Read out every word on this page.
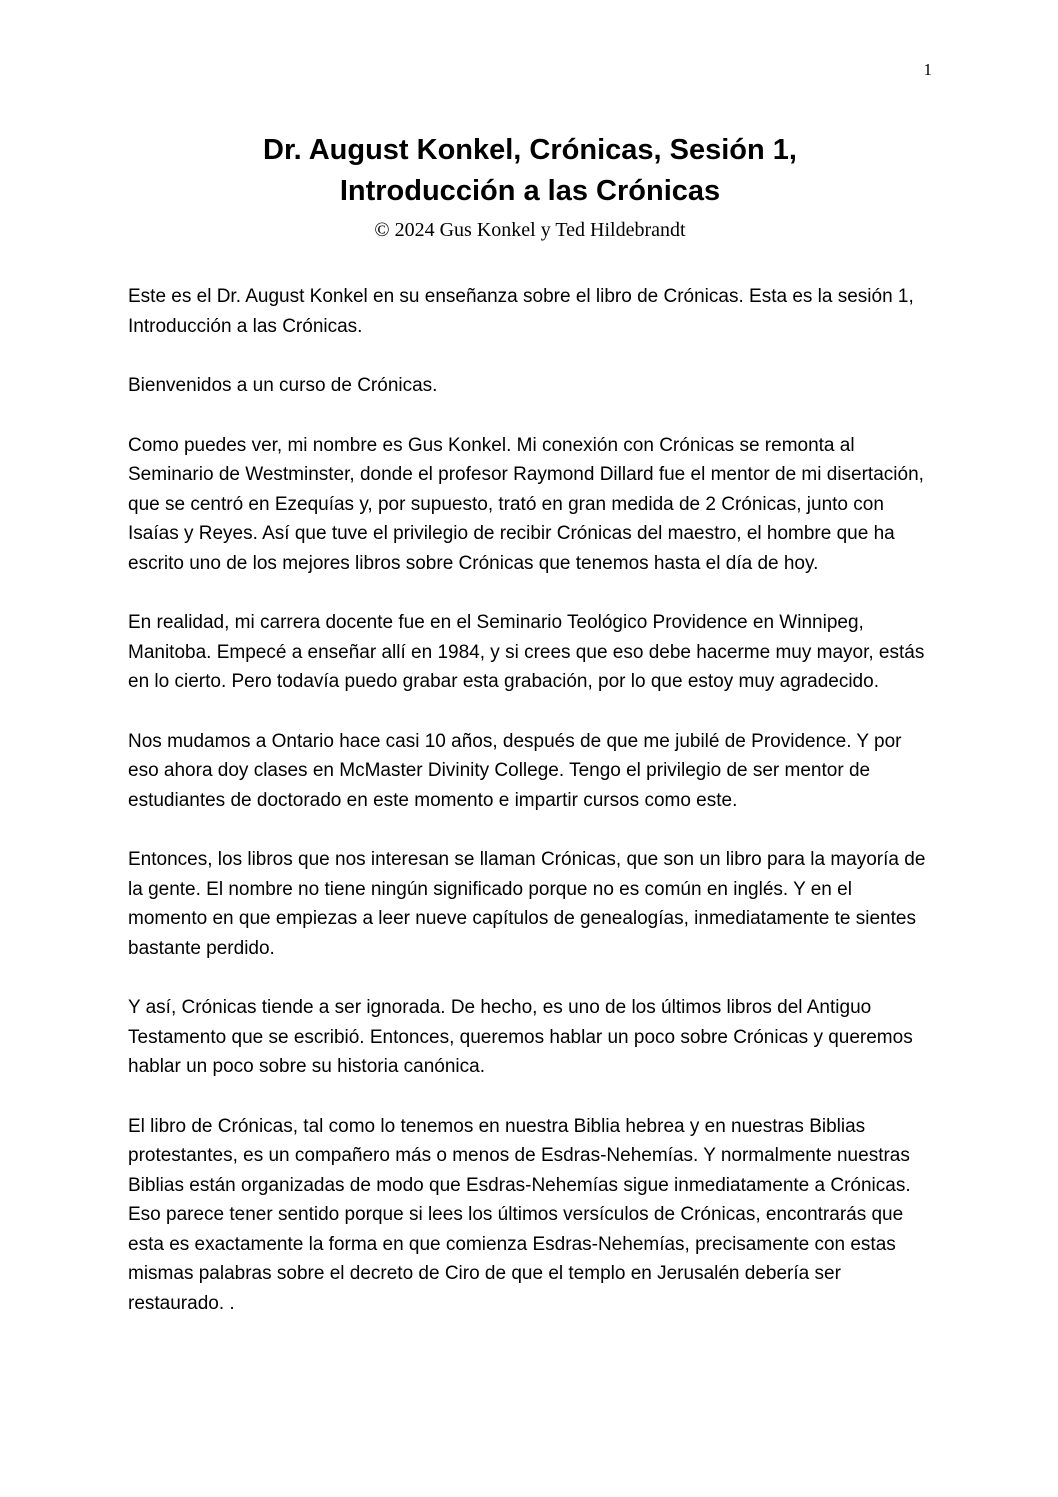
1
Dr. August Konkel, Crónicas, Sesión 1,
Introducción a las Crónicas
© 2024 Gus Konkel y Ted Hildebrandt

Este es el Dr. August Konkel en su enseñanza sobre el libro de Crónicas. Esta es la sesión 1, Introducción a las Crónicas.

Bienvenidos a un curso de Crónicas.

Como puedes ver, mi nombre es Gus Konkel. Mi conexión con Crónicas se remonta al Seminario de Westminster, donde el profesor Raymond Dillard fue el mentor de mi disertación, que se centró en Ezequías y, por supuesto, trató en gran medida de 2 Crónicas, junto con Isaías y Reyes. Así que tuve el privilegio de recibir Crónicas del maestro, el hombre que ha escrito uno de los mejores libros sobre Crónicas que tenemos hasta el día de hoy.

En realidad, mi carrera docente fue en el Seminario Teológico Providence en Winnipeg, Manitoba. Empecé a enseñar allí en 1984, y si crees que eso debe hacerme muy mayor, estás en lo cierto. Pero todavía puedo grabar esta grabación, por lo que estoy muy agradecido.

Nos mudamos a Ontario hace casi 10 años, después de que me jubilé de Providence. Y por eso ahora doy clases en McMaster Divinity College. Tengo el privilegio de ser mentor de estudiantes de doctorado en este momento e impartir cursos como este.

Entonces, los libros que nos interesan se llaman Crónicas, que son un libro para la mayoría de la gente. El nombre no tiene ningún significado porque no es común en inglés. Y en el momento en que empiezas a leer nueve capítulos de genealogías, inmediatamente te sientes bastante perdido.

Y así, Crónicas tiende a ser ignorada. De hecho, es uno de los últimos libros del Antiguo Testamento que se escribió. Entonces, queremos hablar un poco sobre Crónicas y queremos hablar un poco sobre su historia canónica.

El libro de Crónicas, tal como lo tenemos en nuestra Biblia hebrea y en nuestras Biblias protestantes, es un compañero más o menos de Esdras-Nehemías. Y normalmente nuestras Biblias están organizadas de modo que Esdras-Nehemías sigue inmediatamente a Crónicas. Eso parece tener sentido porque si lees los últimos versículos de Crónicas, encontrarás que esta es exactamente la forma en que comienza Esdras-Nehemías, precisamente con estas mismas palabras sobre el decreto de Ciro de que el templo en Jerusalén debería ser restaurado. .
